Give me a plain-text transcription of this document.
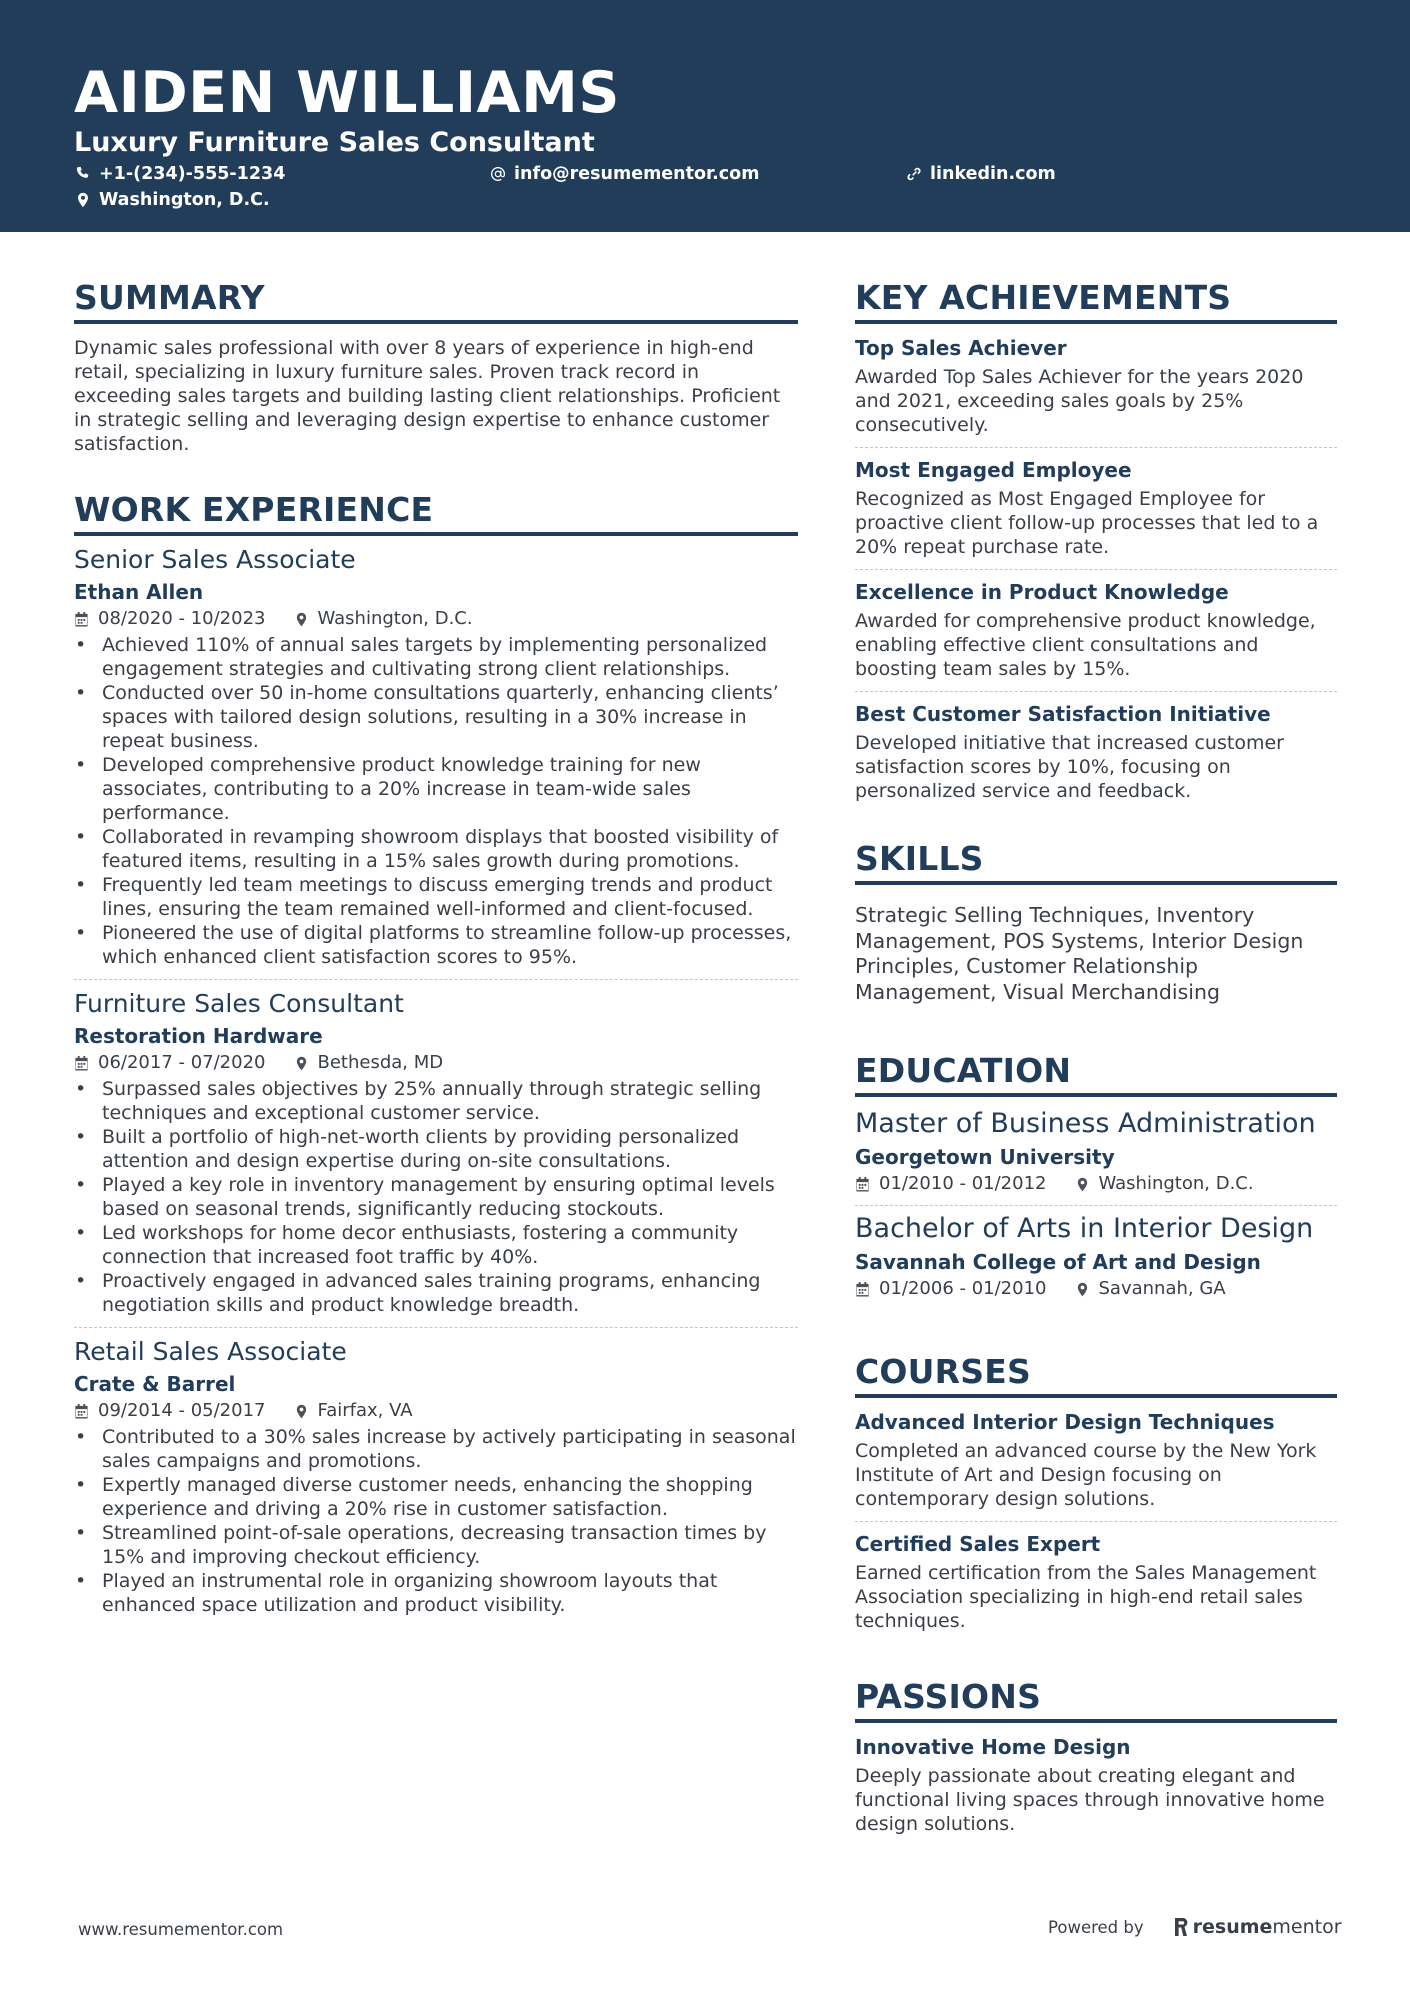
AIDEN WILLIAMS
Luxury Furniture Sales Consultant
+1-(234)-555-1234	info@resumementor.com	linkedin.com
Washington, D.C.
SUMMARY

Dynamic sales professional with over 8 years of experience in high-end retail, specializing in luxury furniture sales. Proven track record in exceeding sales targets and building lasting client relationships. Proficient in strategic selling and leveraging design expertise to enhance customer satisfaction.

WORK EXPERIENCE
Senior Sales Associate
Ethan Allen
08/2020 - 10/2023	Washington, D.C.
• Achieved 110% of annual sales targets by implementing personalized engagement strategies and cultivating strong client relationships.
• Conducted over 50 in-home consultations quarterly, enhancing clients’ spaces with tailored design solutions, resulting in a 30% increase in repeat business.
• Developed comprehensive product knowledge training for new associates, contributing to a 20% increase in team-wide sales performance.
• Collaborated in revamping showroom displays that boosted visibility of featured items, resulting in a 15% sales growth during promotions.
• Frequently led team meetings to discuss emerging trends and product lines, ensuring the team remained well-informed and client-focused.
• Pioneered the use of digital platforms to streamline follow-up processes, which enhanced client satisfaction scores to 95%.
Furniture Sales Consultant
Restoration Hardware
06/2017 - 07/2020	Bethesda, MD
• Surpassed sales objectives by 25% annually through strategic selling techniques and exceptional customer service.
• Built a portfolio of high-net-worth clients by providing personalized attention and design expertise during on-site consultations.
• Played a key role in inventory management by ensuring optimal levels based on seasonal trends, significantly reducing stockouts.
• Led workshops for home decor enthusiasts, fostering a community connection that increased foot traffic by 40%.
• Proactively engaged in advanced sales training programs, enhancing negotiation skills and product knowledge breadth.
Retail Sales Associate
Crate & Barrel
09/2014 - 05/2017	Fairfax, VA
• Contributed to a 30% sales increase by actively participating in seasonal sales campaigns and promotions.
• Expertly managed diverse customer needs, enhancing the shopping experience and driving a 20% rise in customer satisfaction.
• Streamlined point-of-sale operations, decreasing transaction times by 15% and improving checkout efficiency.
• Played an instrumental role in organizing showroom layouts that enhanced space utilization and product visibility.
KEY ACHIEVEMENTS
Top Sales Achiever
Awarded Top Sales Achiever for the years 2020 and 2021, exceeding sales goals by 25% consecutively.
Most Engaged Employee
Recognized as Most Engaged Employee for proactive client follow-up processes that led to a 20% repeat purchase rate.
Excellence in Product Knowledge
Awarded for comprehensive product knowledge, enabling effective client consultations and boosting team sales by 15%.
Best Customer Satisfaction Initiative
Developed initiative that increased customer satisfaction scores by 10%, focusing on personalized service and feedback.
SKILLS

Strategic Selling Techniques, Inventory Management, POS Systems, Interior Design Principles, Customer Relationship Management, Visual Merchandising

EDUCATION
Master of Business Administration
Georgetown University
01/2010 - 01/2012	Washington, D.C.
Bachelor of Arts in Interior Design
Savannah College of Art and Design
01/2006 - 01/2010	Savannah, GA
COURSES
Advanced Interior Design Techniques
Completed an advanced course by the New York Institute of Art and Design focusing on contemporary design solutions.
Certified Sales Expert
Earned certification from the Sales Management Association specializing in high-end retail sales techniques.
PASSIONS
Innovative Home Design
Deeply passionate about creating elegant and functional living spaces through innovative home design solutions.
www.resumementor.com	Powered by	resume mentor
